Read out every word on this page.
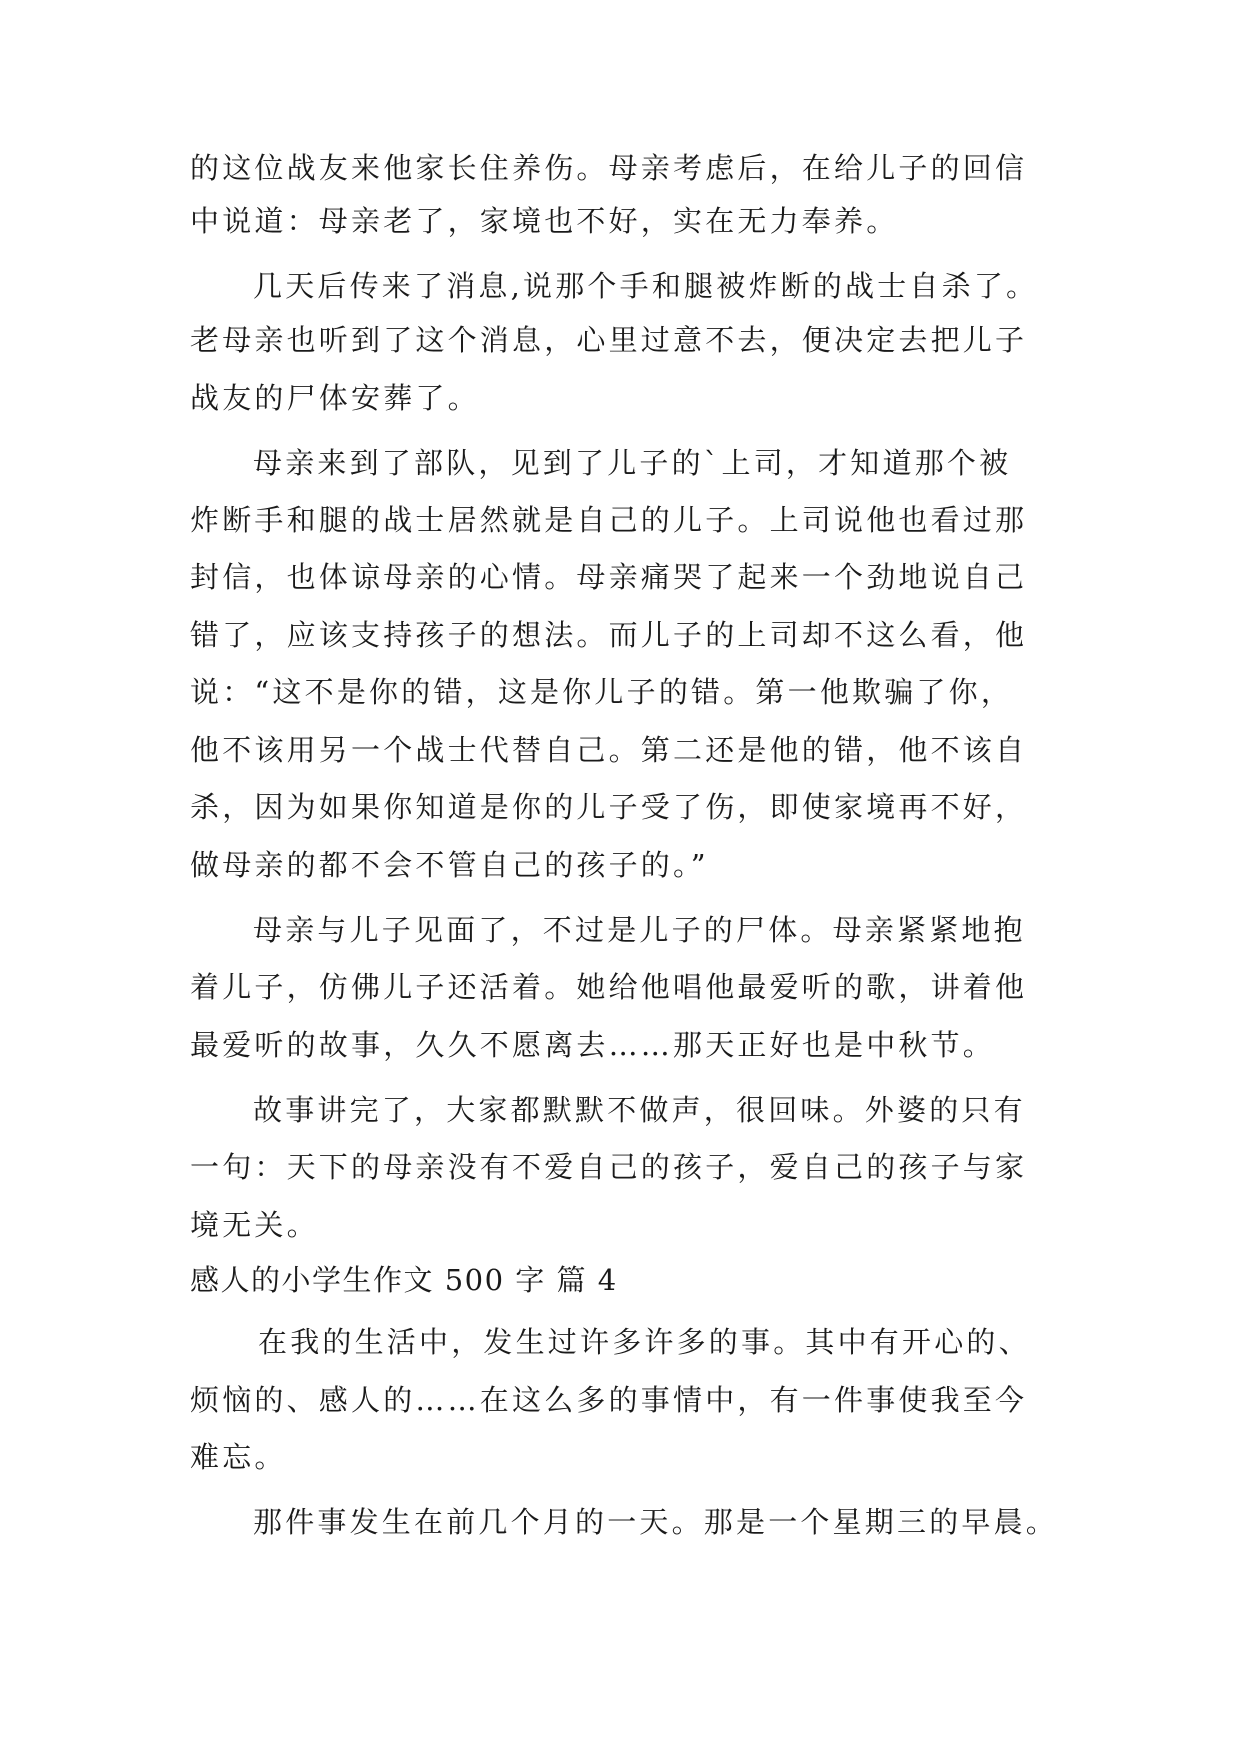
的这位战友来他家长住养伤。母亲考虑后，在给儿子的回信
中说道：母亲老了，家境也不好，实在无力奉养。
几天后传来了消息,说那个手和腿被炸断的战士自杀了。
老母亲也听到了这个消息，心里过意不去，便决定去把儿子
战友的尸体安葬了。
母亲来到了部队，见到了儿子的`上司，才知道那个被
炸断手和腿的战士居然就是自己的儿子。上司说他也看过那
封信，也体谅母亲的心情。母亲痛哭了起来一个劲地说自己
错了，应该支持孩子的想法。而儿子的上司却不这么看，他
说：“这不是你的错，这是你儿子的错。第一他欺骗了你，
他不该用另一个战士代替自己。第二还是他的错，他不该自
杀，因为如果你知道是你的儿子受了伤，即使家境再不好，
做母亲的都不会不管自己的孩子的。”
母亲与儿子见面了，不过是儿子的尸体。母亲紧紧地抱
着儿子，仿佛儿子还活着。她给他唱他最爱听的歌，讲着他
最爱听的故事，久久不愿离去……那天正好也是中秋节。
故事讲完了，大家都默默不做声，很回味。外婆的只有
一句：天下的母亲没有不爱自己的孩子，爱自己的孩子与家
境无关。
感人的小学生作文 500 字 篇 4
在我的生活中，发生过许多许多的事。其中有开心的、
烦恼的、感人的……在这么多的事情中，有一件事使我至今
难忘。
那件事发生在前几个月的一天。那是一个星期三的早晨。
